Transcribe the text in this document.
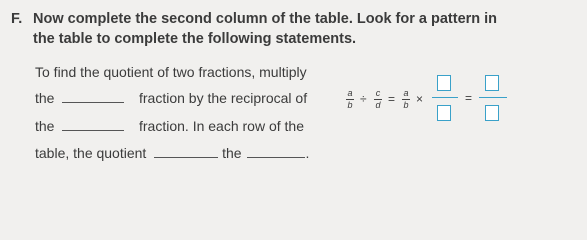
F. Now complete the second column of the table. Look for a pattern in
the table to complete the following statements.
To find the quotient of two fractions, multiply
the	fraction by the reciprocal of
the	fraction. In each row of the
table, the quotient	the	.
a
b ÷ c
d = a
b ×	=
